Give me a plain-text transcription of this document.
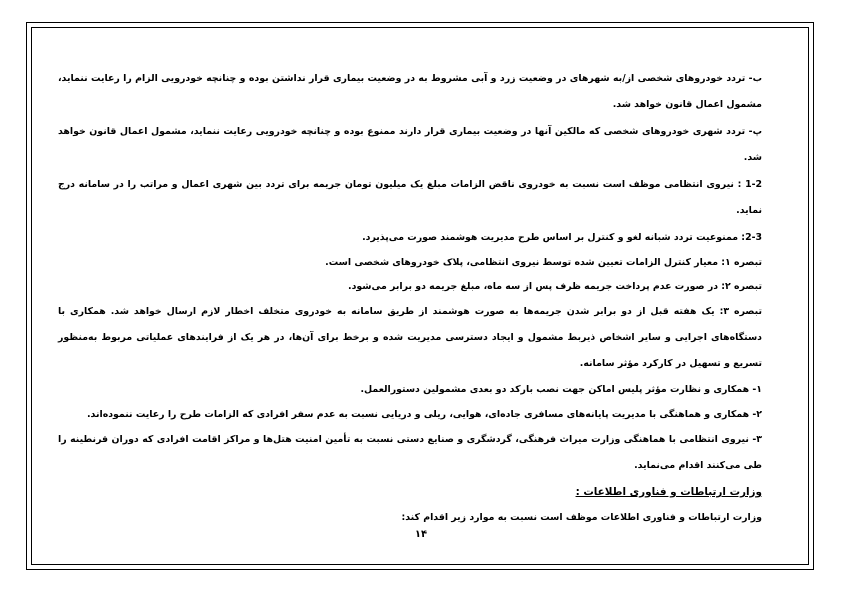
ب- تردد خودروهای شخصی از/به شهرهای در وضعیت زرد و آبی مشروط به در وضعیت بیماری قرار نداشتن بوده و چنانچه خودرویی الزام را رعایت ننماید، مشمول اعمال قانون خواهد شد.

پ- تردد شهری خودروهای شخصی که مالکین آنها در وضعیت بیماری قرار دارند ممنوع بوده و چنانچه خودرویی رعایت ننماید، مشمول اعمال قانون خواهد شد.

1-2 : نیروی انتظامی موظف است نسبت به خودروی ناقض الزامات مبلغ یک میلیون تومان جریمه برای تردد بین شهری اعمال و مراتب را در سامانه درج نماید.

2-3: ممنوعیت تردد شبانه لغو و کنترل بر اساس طرح مدیریت هوشمند صورت می‌پذیرد.

تبصره ۱: معیار کنترل الزامات تعیین شده توسط نیروی انتظامی، پلاک خودروهای شخصی است.

تبصره ۲: در صورت عدم پرداخت جریمه ظرف پس از سه ماه، مبلغ جریمه دو برابر می‌شود.

تبصره ۳: یک هفته قبل از دو برابر شدن جریمه‌ها به صورت هوشمند از طریق سامانه به خودروی متخلف اخطار لازم ارسال خواهد شد. همکاری با دستگاه‌های اجرایی و سایر اشخاص ذیربط مشمول و ایجاد دسترسی مدیریت شده و برخط برای آن‌ها، در هر یک از فرایندهای عملیاتی مربوط به‌منظور تسریع و تسهیل در کارکرد مؤثر سامانه.

۱- همکاری و نظارت مؤثر پلیس اماکن جهت نصب بارکد دو بعدی مشمولین دستورالعمل.

۲- همکاری و هماهنگی با مدیریت پایانه‌های مسافری جاده‌ای، هوایی، ریلی و دریایی نسبت به عدم سفر افرادی که الزامات طرح را رعایت ننموده‌اند.

۳- نیروی انتظامی با هماهنگی وزارت میراث فرهنگی، گردشگری و صنایع دستی نسبت به تأمین امنیت هتل‌ها و مراکز اقامت افرادی که دوران قرنطینه را طی می‌کنند اقدام می‌نماید.

وزارت ارتباطات و فناوری اطلاعات :

وزارت ارتباطات و فناوری اطلاعات موظف است نسبت به موارد زیر اقدام کند:

۱۴
